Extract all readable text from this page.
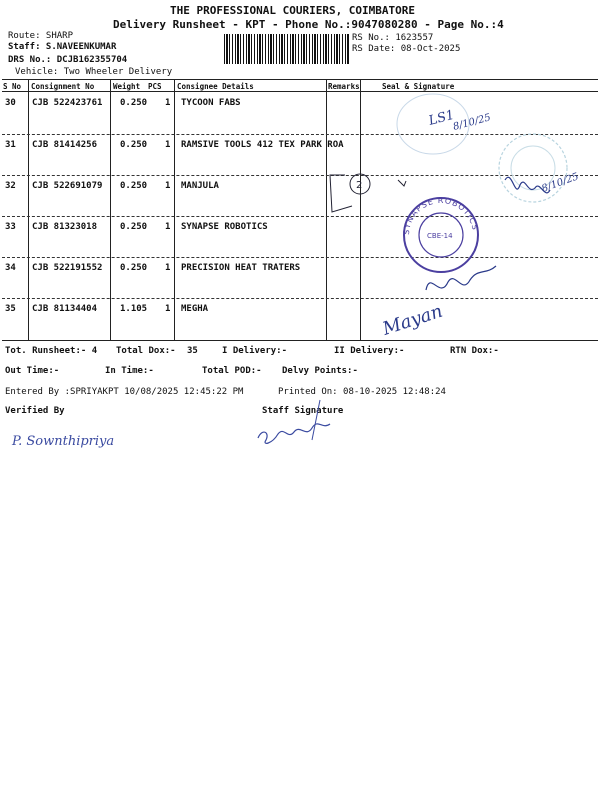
THE PROFESSIONAL COURIERS, COIMBATORE
Delivery Runsheet - KPT - Phone No.:9047080280 - Page No.:4
Route: SHARP
Staff: S.NAVEENKUMAR
DRS No.: DCJB162355704
Vehicle: Two Wheeler Delivery
RS No.: 1623557
RS Date: 08-Oct-2025
S No Consignment No	Weight PCS Consignee Details	Remarks	Seal & Signature
30 CJB 522423761 0.250 1 TYCOON FABS
31 CJB 81414256	0.250 1 RAMSIVE TOOLS 412 TEX PARK ROA
32 CJB 522691079 0.250 1 MANJULA
33 CJB 81323018	0.250 1 SYNAPSE ROBOTICS
34 CJB 522191552 0.250 1 PRECISION HEAT TRATERS
35 CJB 81134404	1.105 1 MEGHA
Tot. Runsheet:- 4 Total Dox:- 35	I Delivery:-	II Delivery:-	RTN Dox:-
Out Time:-	In Time:-	Total POD:- Delvy Points:-
Entered By :SPRIYAKPT 10/08/2025 12:45:22 PM	Printed On: 08-10-2025 12:48:24
Verified By	Staff Signature
LS1
8/10/25
2	8/10/25
SYNAPSE ROBOTICS
CBE-14
Mayan
P. Sownthipriya
